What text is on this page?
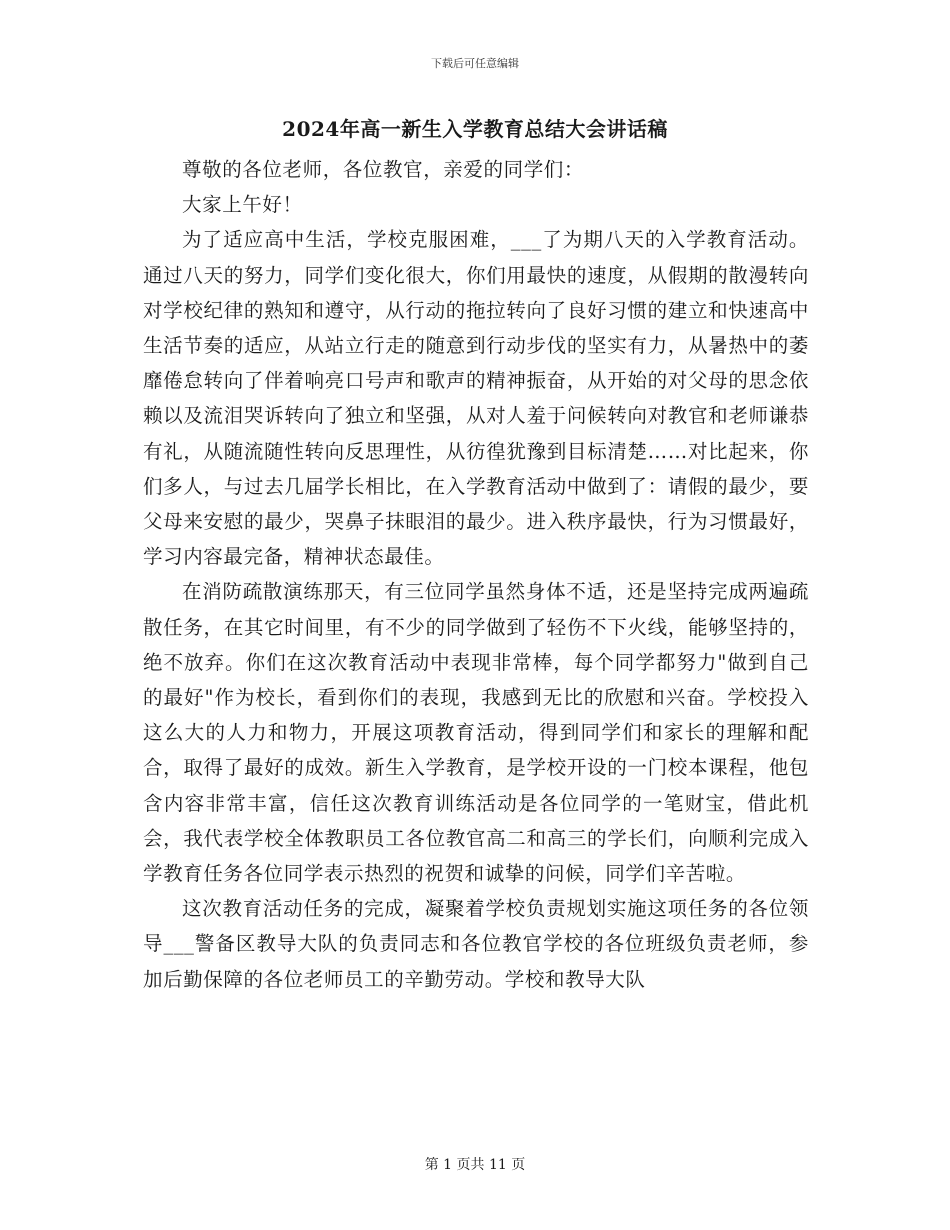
下载后可任意编辑
2024年高一新生入学教育总结大会讲话稿

尊敬的各位老师，各位教官，亲爱的同学们：

大家上午好！

为了适应高中生活，学校克服困难，___了为期八天的入学教育活动。通过八天的努力，同学们变化很大，你们用最快的速度，从假期的散漫转向对学校纪律的熟知和遵守，从行动的拖拉转向了良好习惯的建立和快速高中生活节奏的适应，从站立行走的随意到行动步伐的坚实有力，从暑热中的萎靡倦怠转向了伴着响亮口号声和歌声的精神振奋，从开始的对父母的思念依赖以及流泪哭诉转向了独立和坚强，从对人羞于问候转向对教官和老师谦恭有礼，从随流随性转向反思理性，从彷徨犹豫到目标清楚……对比起来，你们多人，与过去几届学长相比，在入学教育活动中做到了：请假的最少，要父母来安慰的最少，哭鼻子抹眼泪的最少。进入秩序最快，行为习惯最好，学习内容最完备，精神状态最佳。

在消防疏散演练那天，有三位同学虽然身体不适，还是坚持完成两遍疏散任务，在其它时间里，有不少的同学做到了轻伤不下火线，能够坚持的，绝不放弃。你们在这次教育活动中表现非常棒，每个同学都努力"做到自己的最好"作为校长，看到你们的表现，我感到无比的欣慰和兴奋。学校投入这么大的人力和物力，开展这项教育活动，得到同学们和家长的理解和配合，取得了最好的成效。新生入学教育，是学校开设的一门校本课程，他包含内容非常丰富，信任这次教育训练活动是各位同学的一笔财宝，借此机会，我代表学校全体教职员工各位教官高二和高三的学长们，向顺利完成入学教育任务各位同学表示热烈的祝贺和诚挚的问候，同学们辛苦啦。

这次教育活动任务的完成，凝聚着学校负责规划实施这项任务的各位领导___警备区教导大队的负责同志和各位教官学校的各位班级负责老师，参加后勤保障的各位老师员工的辛勤劳动。学校和教导大队

第 1 页共 11 页
